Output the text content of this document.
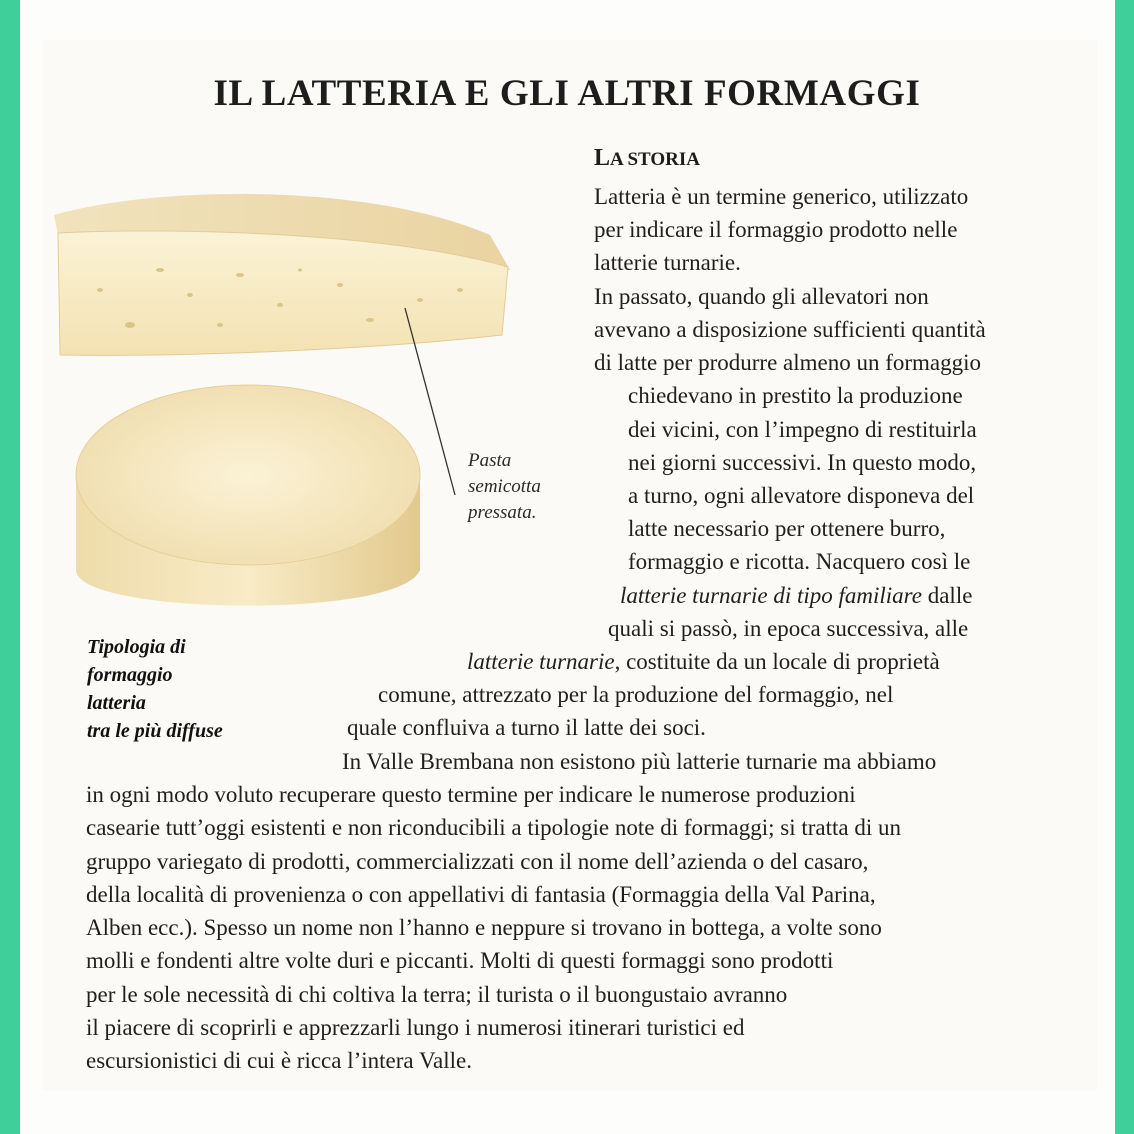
IL LATTERIA E GLI ALTRI FORMAGGI
LA STORIA
Pasta
semicotta
pressata.
Tipologia di
formaggio
latteria
tra le più diffuse
Latteria è un termine generico, utilizzato
per indicare il formaggio prodotto nelle
latterie turnarie.
In passato, quando gli allevatori non
avevano a disposizione sufficienti quantità
di latte per produrre almeno un formaggio
chiedevano in prestito la produzione
dei vicini, con l’impegno di restituirla
nei giorni successivi. In questo modo,
a turno, ogni allevatore disponeva del
latte necessario per ottenere burro,
formaggio e ricotta. Nacquero così le
latterie turnarie di tipo familiare dalle
quali si passò, in epoca successiva, alle
latterie turnarie, costituite da un locale di proprietà
comune, attrezzato per la produzione del formaggio, nel
quale confluiva a turno il latte dei soci.
In Valle Brembana non esistono più latterie turnarie ma abbiamo
in ogni modo voluto recuperare questo termine per indicare le numerose produzioni
casearie tutt’oggi esistenti e non riconducibili a tipologie note di formaggi; si tratta di un
gruppo variegato di prodotti, commercializzati con il nome dell’azienda o del casaro,
della località di provenienza o con appellativi di fantasia (Formaggia della Val Parina,
Alben ecc.). Spesso un nome non l’hanno e neppure si trovano in bottega, a volte sono
molli e fondenti altre volte duri e piccanti. Molti di questi formaggi sono prodotti
per le sole necessità di chi coltiva la terra; il turista o il buongustaio avranno
il piacere di scoprirli e apprezzarli lungo i numerosi itinerari turistici ed
escursionistici di cui è ricca l’intera Valle.
